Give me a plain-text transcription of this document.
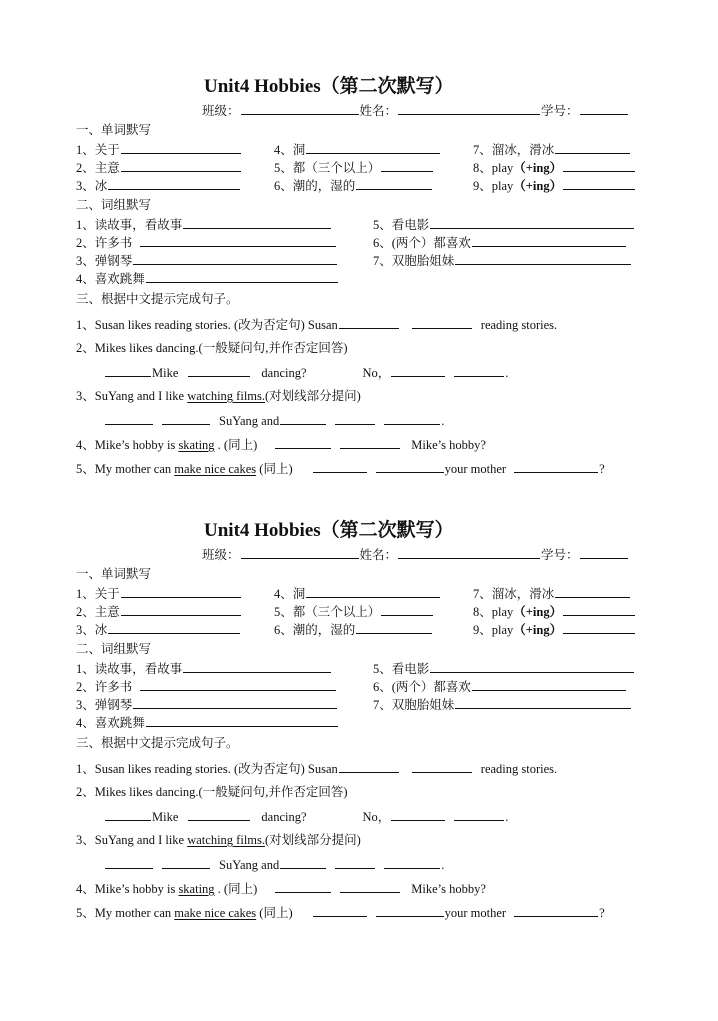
Unit4 Hobbies（第二次默写）
班级：	姓名：	学号：
一、单词默写
1、关于	4、洞	7、溜冰，滑冰
2、主意	5、都（三个以上）	8、play（+ing）
3、冰	6、潮的，湿的	9、play（+ing）
二、词组默写
1、读故事，看故事	5、看电影
2、许多书	6、(两个）都喜欢
3、弹钢琴	7、双胞胎姐妹
4、喜欢跳舞
三、根据中文提示完成句子。
1、Susan likes reading stories. (改为否定句) Susan	reading stories.
2、Mikes likes dancing.(一般疑问句,并作否定回答)
Mike	dancing?	No，	.
3、SuYang and I like watching films.(对划线部分提问)
SuYang and	.
4、Mike’s hobby is skating . (同上)	Mike’s hobby?
5、My mother can make nice cakes (同上)	your mother	?
Unit4 Hobbies（第二次默写）
班级：	姓名：	学号：
一、单词默写
1、关于	4、洞	7、溜冰，滑冰
2、主意	5、都（三个以上）	8、play（+ing）
3、冰	6、潮的，湿的	9、play（+ing）
二、词组默写
1、读故事，看故事	5、看电影
2、许多书	6、(两个）都喜欢
3、弹钢琴	7、双胞胎姐妹
4、喜欢跳舞
三、根据中文提示完成句子。
1、Susan likes reading stories. (改为否定句) Susan	reading stories.
2、Mikes likes dancing.(一般疑问句,并作否定回答)
Mike	dancing?	No，	.
3、SuYang and I like watching films.(对划线部分提问)
SuYang and	.
4、Mike’s hobby is skating . (同上)	Mike’s hobby?
5、My mother can make nice cakes (同上)	your mother	?
